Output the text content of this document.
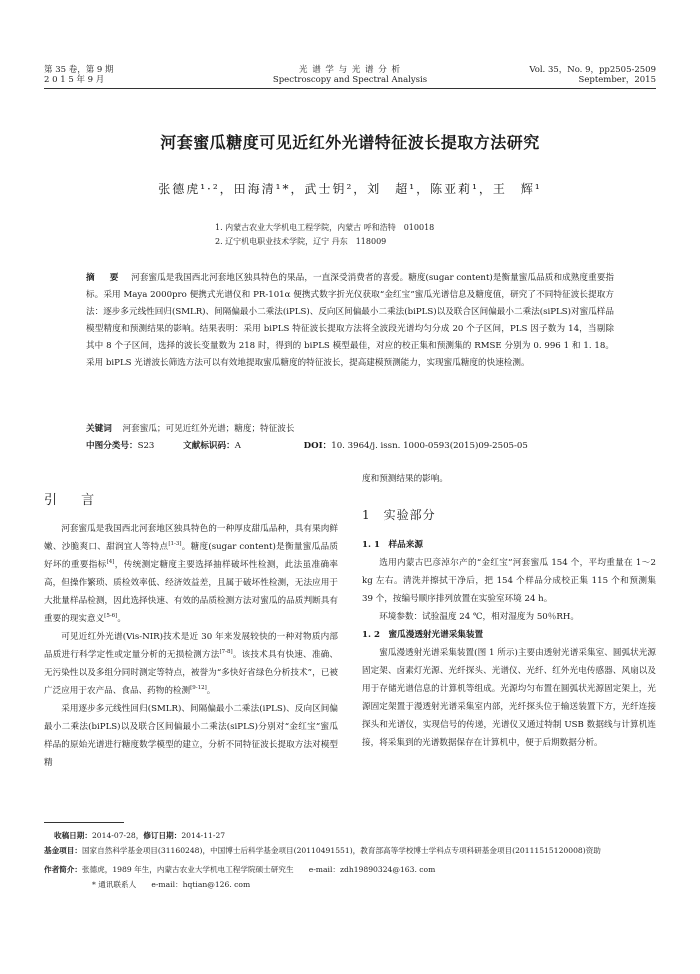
第 35 卷，第 9 期
2 0 1 5 年 9 月
光 谱 学 与 光 谱 分 析
Spectroscopy and Spectral Analysis
Vol. 35，No. 9，pp2505-2509
September，2015
河套蜜瓜糖度可见近红外光谱特征波长提取方法研究
张德虎¹·²，田海清¹*，武士钥²，刘　超¹，陈亚莉¹，王　辉¹
1. 内蒙古农业大学机电工程学院，内蒙古 呼和浩特　010018
2. 辽宁机电职业技术学院，辽宁 丹东　118009
摘 要 河套蜜瓜是我国西北河套地区独具特色的果品，一直深受消费者的喜爱。糖度(sugar content)是衡量蜜瓜品质和成熟度重要指标。采用 Maya 2000pro 便携式光谱仪和 PR-101α 便携式数字折光仪获取“金红宝”蜜瓜光谱信息及糖度值，研究了不同特征波长提取方法：逐步多元线性回归(SMLR)、间隔偏最小二乘法(iPLS)、反向区间偏最小二乘法(biPLS)以及联合区间偏最小二乘法(siPLS)对蜜瓜样品模型精度和预测结果的影响。结果表明：采用 biPLS 特征波长提取方法将全波段光谱均匀分成 20 个子区间，PLS 因子数为 14，当剔除其中 8 个子区间，选择的波长变量数为 218 时，得到的 biPLS 模型最佳，对应的校正集和预测集的 RMSE 分别为 0. 996 1 和 1. 18。采用 biPLS 光谱波长筛选方法可以有效地提取蜜瓜糖度的特征波长，提高建模预测能力，实现蜜瓜糖度的快速检测。
关键词 河套蜜瓜；可见近红外光谱；糖度；特征波长
中图分类号：S23	文献标识码：A	DOI：10. 3964/j. issn. 1000-0593(2015)09-2505-05
引 言

河套蜜瓜是我国西北河套地区独具特色的一种厚皮甜瓜品种，具有果肉鲜嫩、沙脆爽口、甜润宜人等特点[1-3]。糖度(sugar content)是衡量蜜瓜品质好坏的重要指标[4]，传统测定糖度主要选择抽样破坏性检测，此法虽准确率高，但操作繁琐、质检效率低、经济效益差，且属于破坏性检测，无法应用于大批量样品检测，因此选择快速、有效的品质检测方法对蜜瓜的品质判断具有重要的现实意义[5-6]。

可见近红外光谱(Vis-NIR)技术是近 30 年来发展较快的一种对物质内部品质进行科学定性或定量分析的无损检测方法[7-8]。该技术具有快速、准确、无污染性以及多组分同时测定等特点，被誉为“多快好省绿色分析技术”，已被广泛应用于农产品、食品、药物的检测[9-12]。

采用逐步多元线性回归(SMLR)、间隔偏最小二乘法(iPLS)、反向区间偏最小二乘法(biPLS)以及联合区间偏最小二乘法(siPLS)分别对“金红宝”蜜瓜样品的原始光谱进行糖度数学模型的建立，分析不同特征波长提取方法对模型精

度和预测结果的影响。

1　实验部分
1. 1　样品来源

选用内蒙古巴彦淖尔产的“金红宝”河套蜜瓜 154 个，平均重量在 1～2 kg 左右。清洗并擦拭干净后，把 154 个样品分成校正集 115 个和预测集 39 个，按编号顺序排列放置在实验室环境 24 h。

环境参数：试验温度 24 ℃，相对湿度为 50％RH。

1. 2　蜜瓜漫透射光谱采集装置

蜜瓜漫透射光谱采集装置(图 1 所示)主要由透射光谱采集室、圆弧状光源固定架、卤素灯光源、光纤探头、光谱仪、光纤、红外光电传感器、风扇以及用于存储光谱信息的计算机等组成。光源均匀布置在圆弧状光源固定架上，光源固定架置于漫透射光谱采集室内部，光纤探头位于输送装置下方，光纤连接探头和光谱仪，实现信号的传递，光谱仪又通过特制 USB 数据线与计算机连接，将采集到的光谱数据保存在计算机中，便于后期数据分析。

收稿日期：2014-07-28，修订日期：2014-11-27
基金项目： 国家自然科学基金项目(31160248)，中国博士后科学基金项目(20110491551)，教育部高等学校博士学科点专项科研基金项目(20111515120008)资助
作者简介：张德虎，1989 年生，内蒙古农业大学机电工程学院硕士研究生　　e-mail：zdh19890324@163. com
* 通讯联系人　　e-mail：hqtian@126. com
